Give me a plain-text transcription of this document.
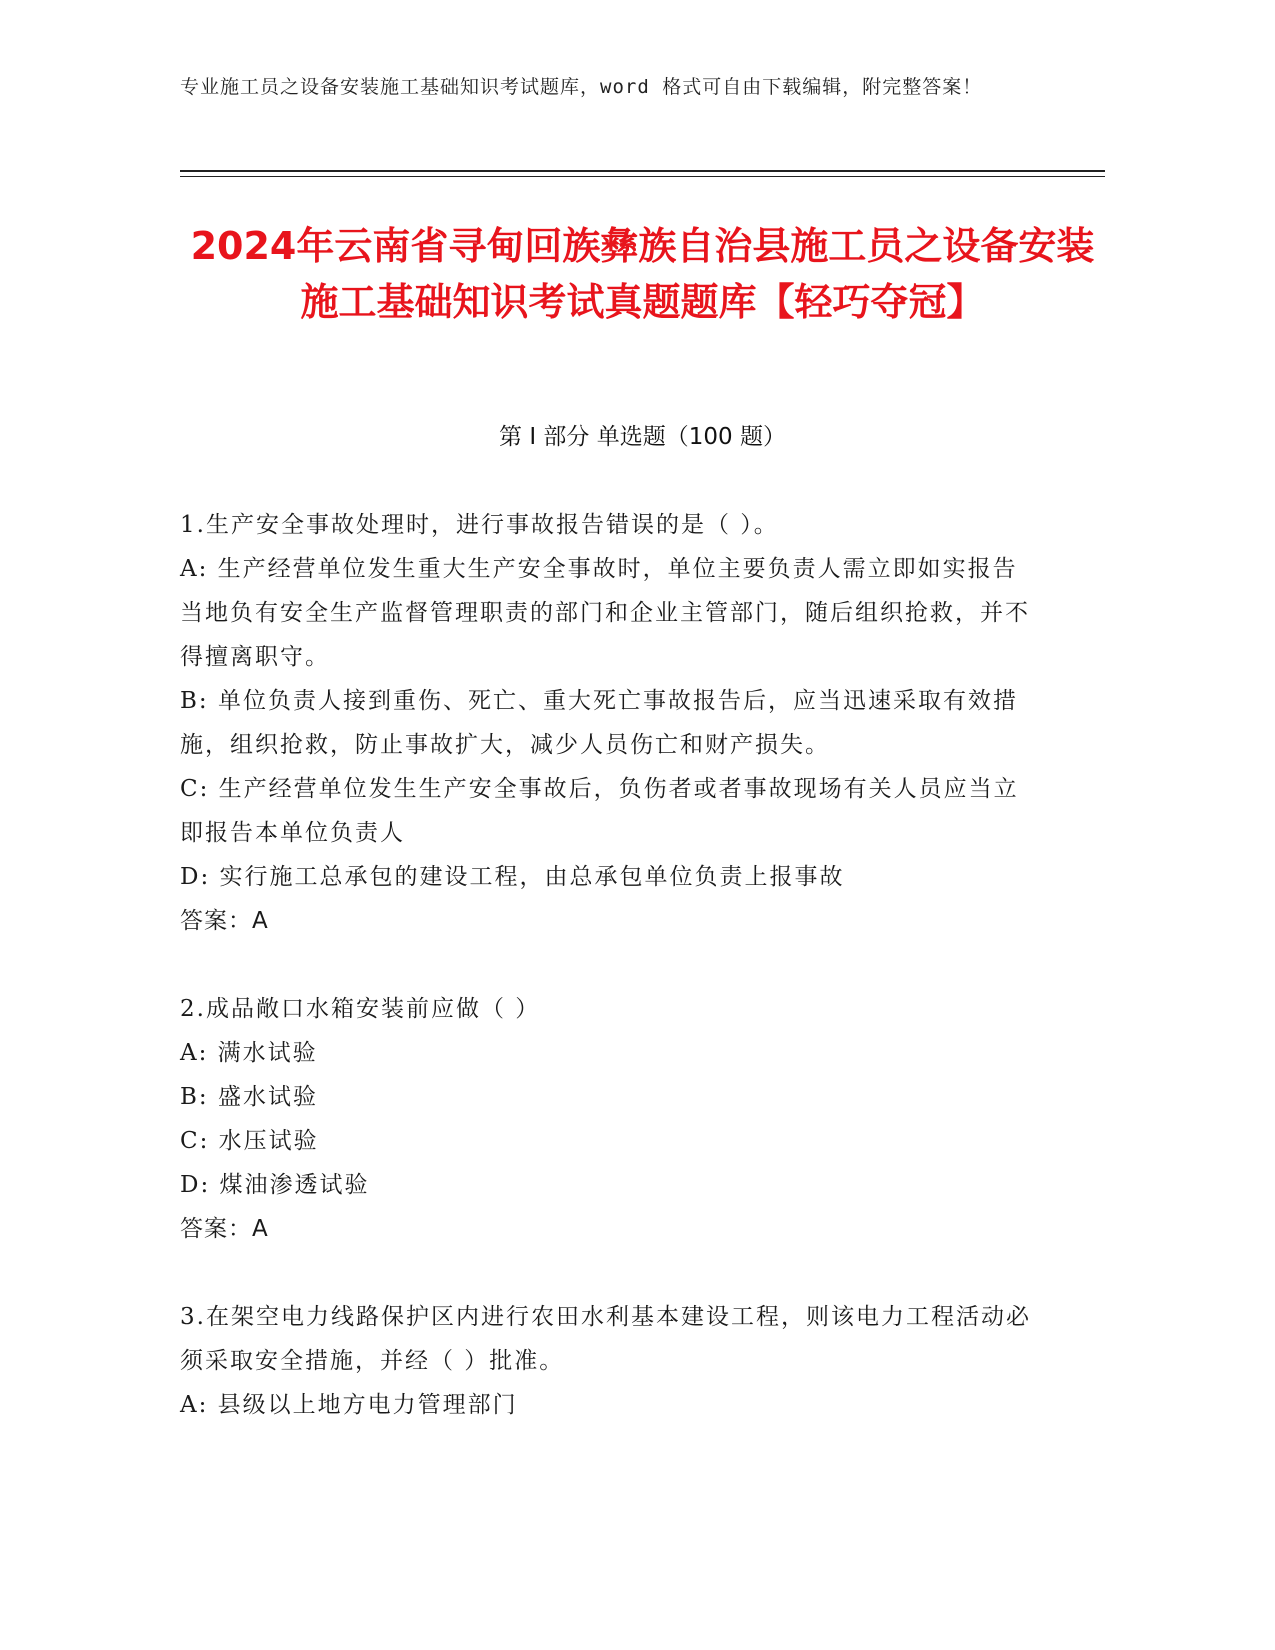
专业施工员之设备安装施工基础知识考试题库，word 格式可自由下载编辑，附完整答案！
2024年云南省寻甸回族彝族自治县施工员之设备安装施工基础知识考试真题题库【轻巧夺冠】
第 I 部分 单选题（100 题）

1.生产安全事故处理时，进行事故报告错误的是（ ）。

A: 生产经营单位发生重大生产安全事故时，单位主要负责人需立即如实报告当地负有安全生产监督管理职责的部门和企业主管部门，随后组织抢救，并不得擅离职守。

B: 单位负责人接到重伤、死亡、重大死亡事故报告后，应当迅速采取有效措施，组织抢救，防止事故扩大，减少人员伤亡和财产损失。

C: 生产经营单位发生生产安全事故后，负伤者或者事故现场有关人员应当立即报告本单位负责人

D: 实行施工总承包的建设工程，由总承包单位负责上报事故

答案：A

2.成品敞口水箱安装前应做（ ）

A: 满水试验

B: 盛水试验

C: 水压试验

D: 煤油渗透试验

答案：A

3.在架空电力线路保护区内进行农田水利基本建设工程，则该电力工程活动必须采取安全措施，并经（ ）批准。

A: 县级以上地方电力管理部门
